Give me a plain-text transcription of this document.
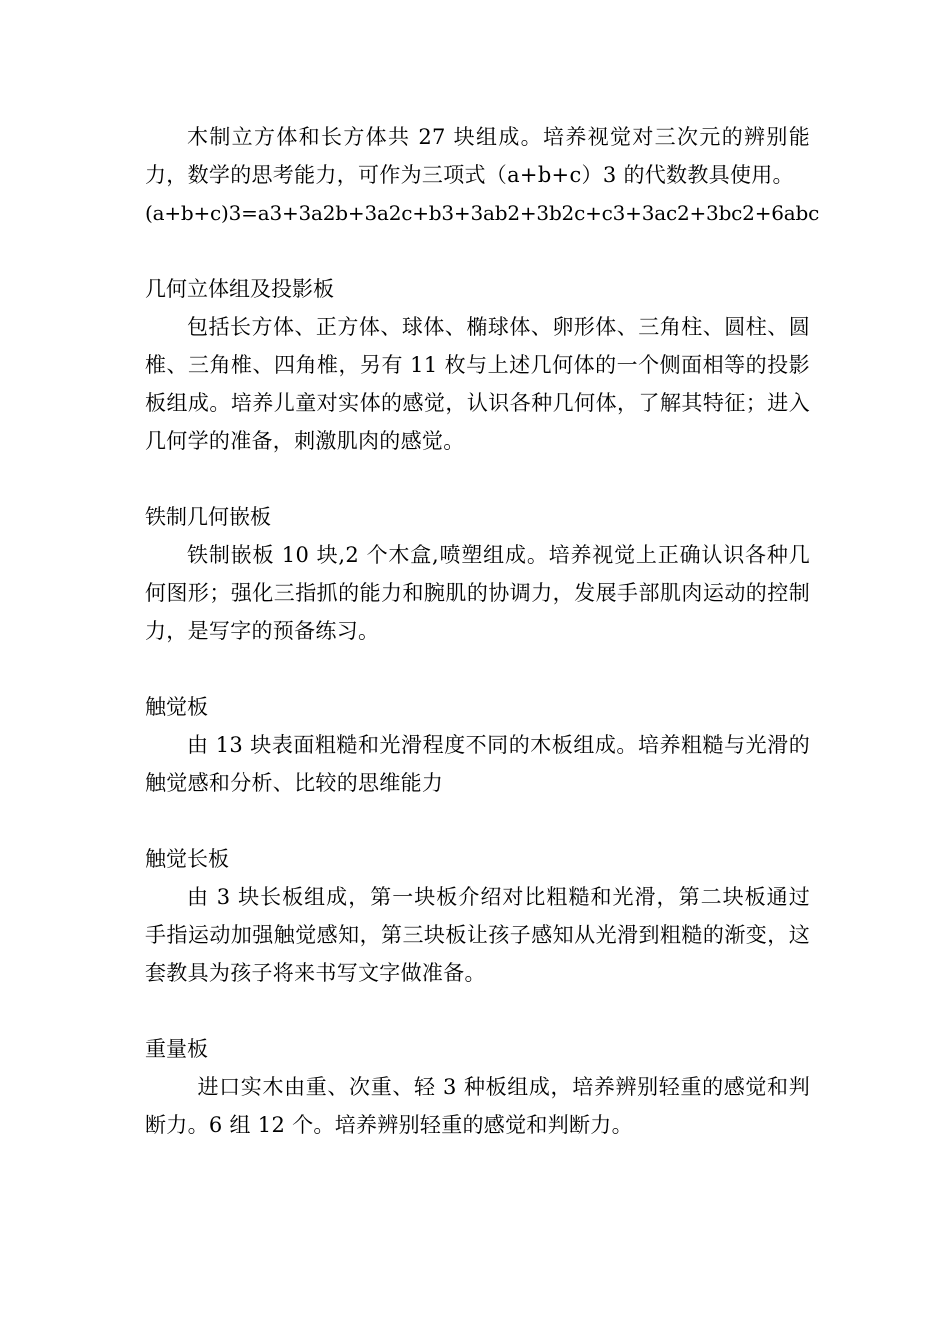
木制立方体和长方体共 27 块组成。培养视觉对三次元的辨别能力，数学的思考能力，可作为三项式（a+b+c）3 的代数教具使用。

(a+b+c)3=a3+3a2b+3a2c+b3+3ab2+3b2c+c3+3ac2+3bc2+6abc

几何立体组及投影板

包括长方体、正方体、球体、椭球体、卵形体、三角柱、圆柱、圆椎、三角椎、四角椎，另有 11 枚与上述几何体的一个侧面相等的投影板组成。培养儿童对实体的感觉，认识各种几何体，了解其特征；进入几何学的准备，刺激肌肉的感觉。

铁制几何嵌板

铁制嵌板 10 块,2 个木盒,喷塑组成。培养视觉上正确认识各种几何图形；强化三指抓的能力和腕肌的协调力，发展手部肌肉运动的控制力，是写字的预备练习。

触觉板

由 13 块表面粗糙和光滑程度不同的木板组成。培养粗糙与光滑的触觉感和分析、比较的思维能力

触觉长板

由 3 块长板组成，第一块板介绍对比粗糙和光滑，第二块板通过手指运动加强触觉感知，第三块板让孩子感知从光滑到粗糙的渐变，这套教具为孩子将来书写文字做准备。

重量板

进口实木由重、次重、轻 3 种板组成，培养辨别轻重的感觉和判断力。6 组 12 个。培养辨别轻重的感觉和判断力。
